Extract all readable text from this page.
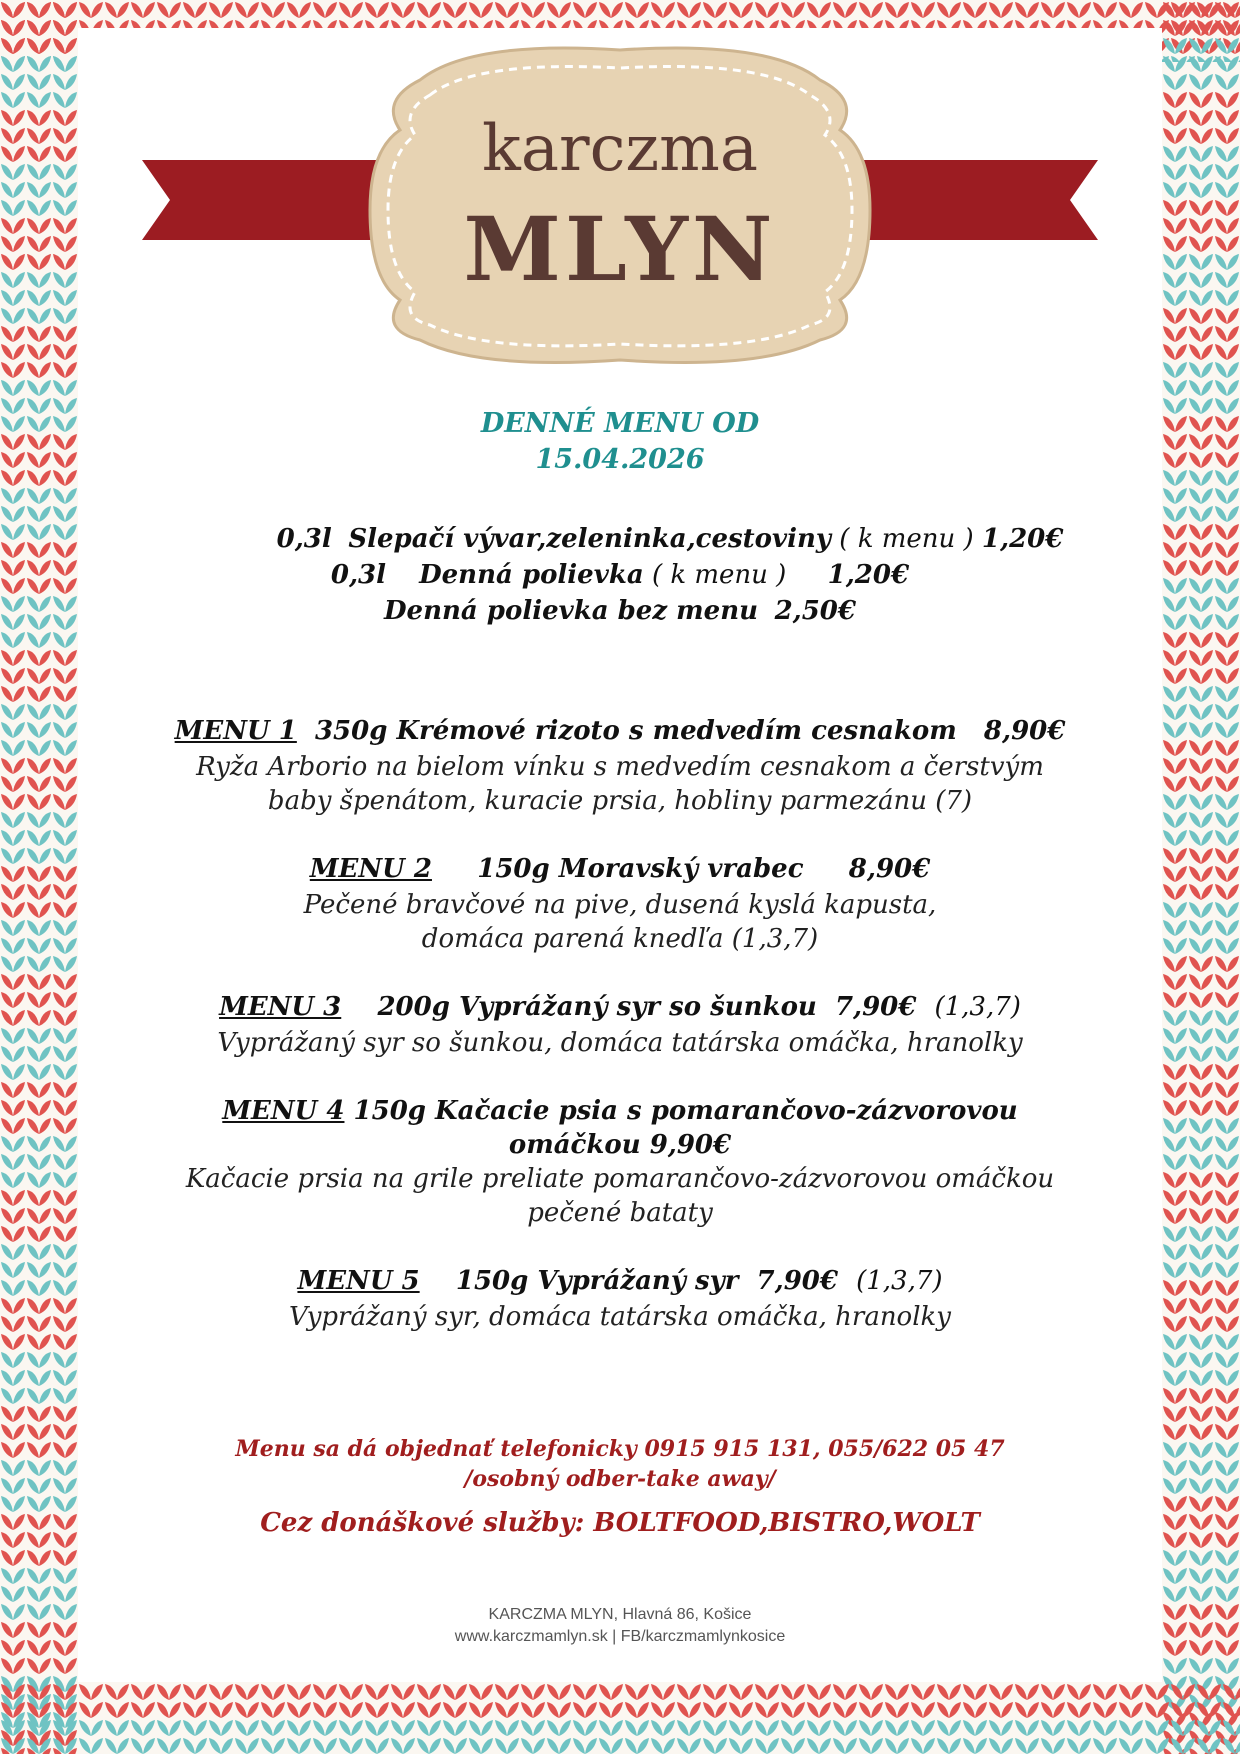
karczma
MLYN
DENNÉ MENU OD
15.04.2026
0,3l Slepačí vývar,zeleninka,cestoviny ( k menu ) 1,20€
0,3l Denná polievka ( k menu ) 1,20€
Denná polievka bez menu 2,50€
MENU 1 350g Krémové rizoto s medvedím cesnakom 8,90€
Ryža Arborio na bielom vínku s medvedím cesnakom a čerstvým
baby špenátom, kuracie prsia, hobliny parmezánu (7)
MENU 2 150g Moravský vrabec 8,90€
Pečené bravčové na pive, dusená kyslá kapusta,
domáca parená knedľa (1,3,7)
MENU 3 200g Vyprážaný syr so šunkou 7,90€ (1,3,7)
Vyprážaný syr so šunkou, domáca tatárska omáčka, hranolky
MENU 4 150g Kačacie psia s pomarančovo-zázvorovou
omáčkou 9,90€
Kačacie prsia na grile preliate pomarančovo-zázvorovou omáčkou
pečené bataty
MENU 5 150g Vyprážaný syr 7,90€ (1,3,7)
Vyprážaný syr, domáca tatárska omáčka, hranolky
Menu sa dá objednať telefonicky 0915 915 131, 055/622 05 47
/osobný odber-take away/
Cez donáškové služby: BOLTFOOD,BISTRO,WOLT
KARCZMA MLYN, Hlavná 86, Košice
www.karczmamlyn.sk | FB/karczmamlynkosice
